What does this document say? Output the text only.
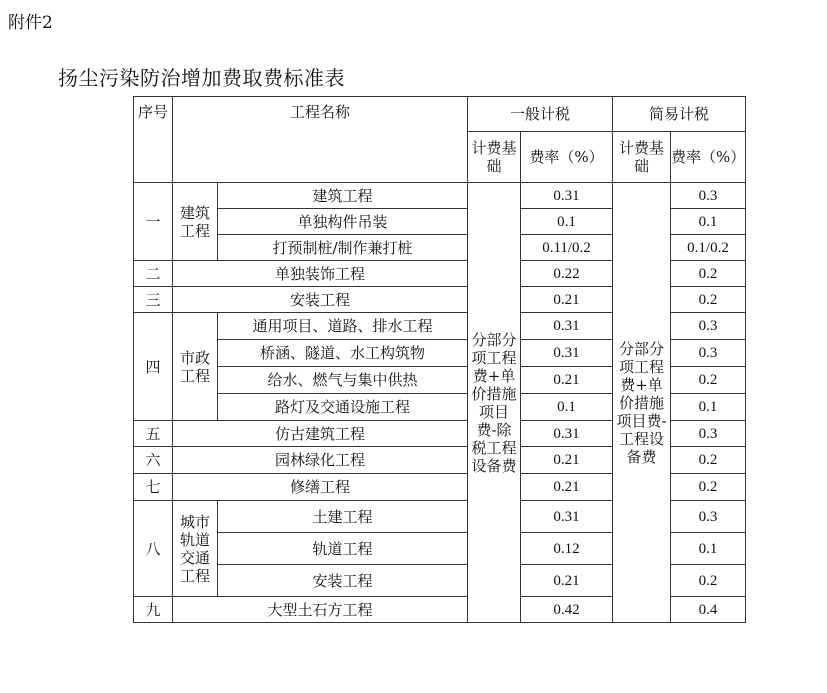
附件2
扬尘污染防治增加费取费标准表
序号	工程名称		一般计税		简易计税	
			计费基础	费率（%）	计费基础	费率（%）
一	建筑工程	建筑工程	分部分项工程费+单价措施项目费-除税工程设备费	0.31	分部分项工程费+单价措施项目费-工程设备费	0.3
		单独构件吊装		0.1		0.1
		打预制桩/制作兼打桩		0.11/0.2		0.1/0.2
二	单独装饰工程			0.22		0.2
三	安装工程			0.21		0.2
四	市政工程	通用项目、道路、排水工程		0.31		0.3
		桥涵、隧道、水工构筑物		0.31		0.3
		给水、燃气与集中供热		0.21		0.2
		路灯及交通设施工程		0.1		0.1
五	仿古建筑工程			0.31		0.3
六	园林绿化工程			0.21		0.2
七	修缮工程			0.21		0.2
八	城市轨道交通工程	土建工程		0.31		0.3
		轨道工程		0.12		0.1
		安装工程		0.21		0.2
九	大型土石方工程			0.42		0.4
